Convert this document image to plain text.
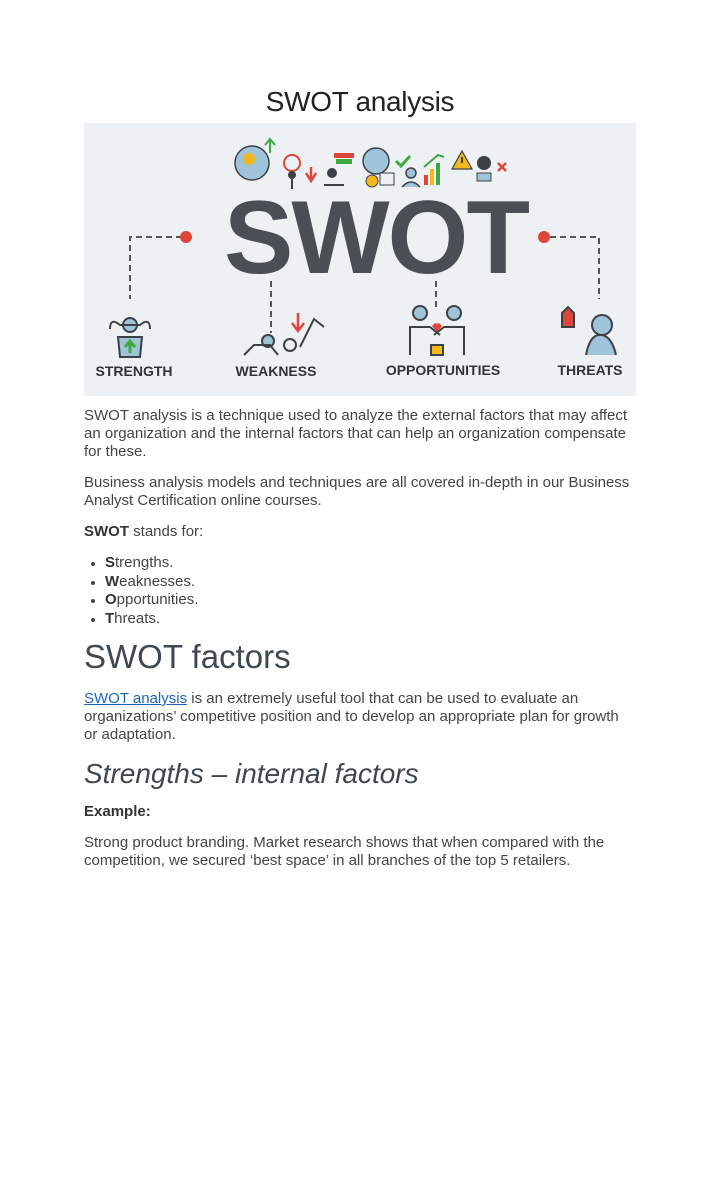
SWOT analysis
SWOT
STRENGTH	WEAKNESS	OPPORTUNITIES	THREATS

SWOT analysis is a technique used to analyze the external factors that may affect an organization and the internal factors that can help an organization compensate for these.

Business analysis models and techniques are all covered in-depth in our Business Analyst Certification online courses.

SWOT stands for:

• Strengths.
• Weaknesses.
• Opportunities.
• Threats.
SWOT factors

SWOT analysis is an extremely useful tool that can be used to evaluate an organizations’ competitive position and to develop an appropriate plan for growth or adaptation.

Strengths – internal factors

Example:

Strong product branding. Market research shows that when compared with the competition, we secured ‘best space’ in all branches of the top 5 retailers.
